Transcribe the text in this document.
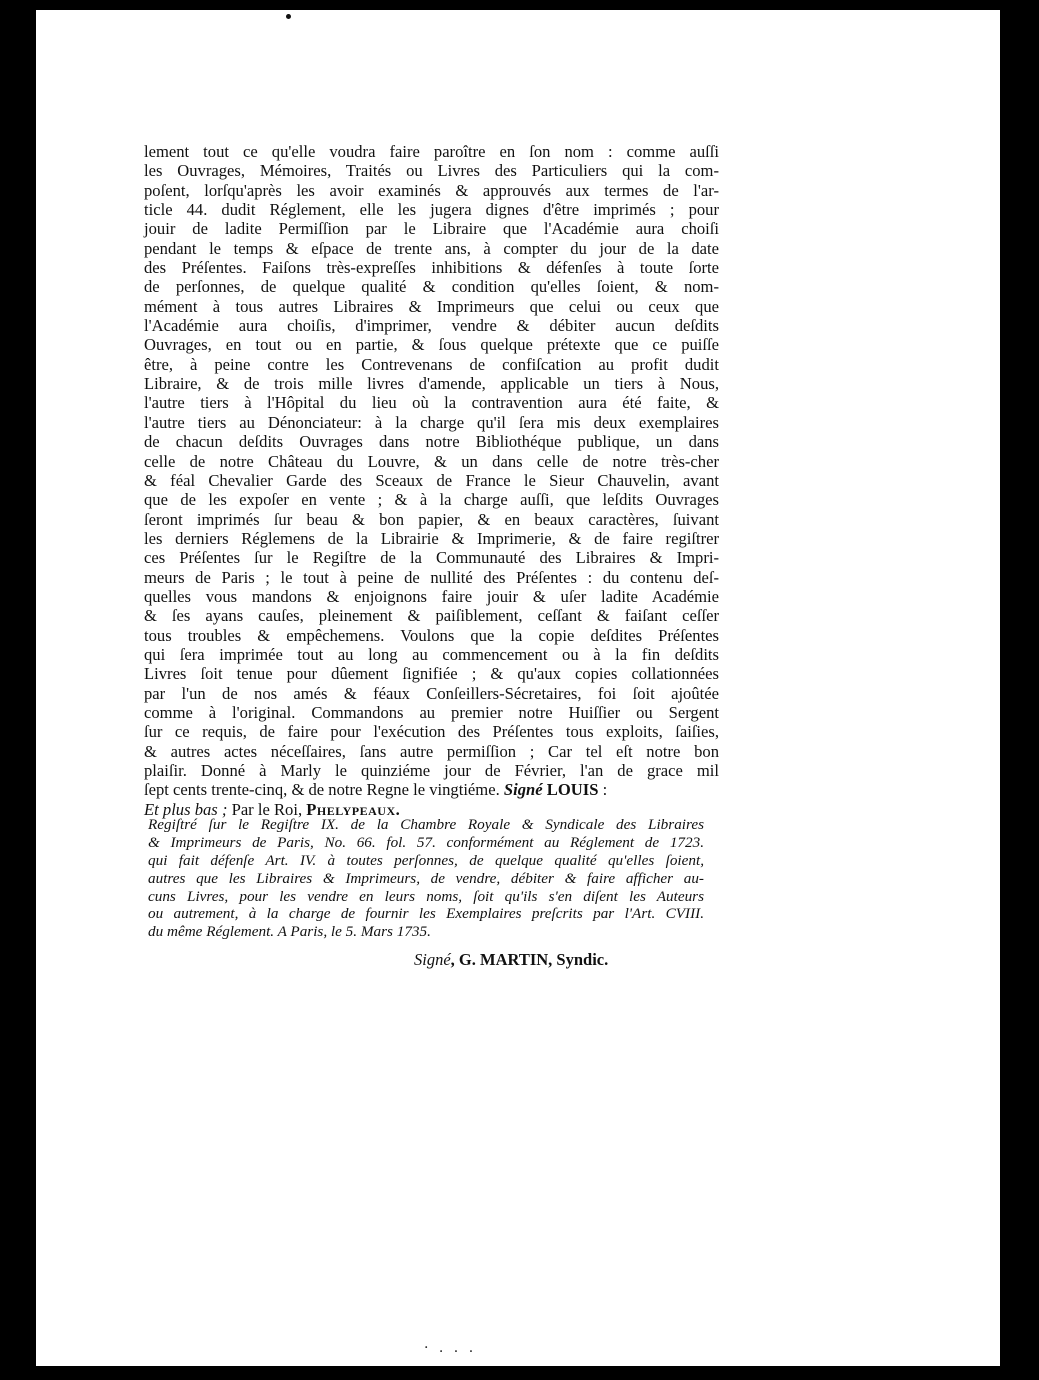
lement tout ce qu'elle voudra faire paroître en ſon nom : comme auſſi
les Ouvrages, Mémoires, Traités ou Livres des Particuliers qui la com-
poſent, lorſqu'après les avoir examinés & approuvés aux termes de l'ar-
ticle 44. dudit Réglement, elle les jugera dignes d'être imprimés ; pour
jouir de ladite Permiſſion par le Libraire que l'Académie aura choiſi
pendant le temps & eſpace de trente ans, à compter du jour de la date
des Préſentes. Faiſons très-expreſſes inhibitions & défenſes à toute ſorte
de perſonnes, de quelque qualité & condition qu'elles ſoient, & nom-
mément à tous autres Libraires & Imprimeurs que celui ou ceux que
l'Académie aura choiſis, d'imprimer, vendre & débiter aucun deſdits
Ouvrages, en tout ou en partie, & ſous quelque prétexte que ce puiſſe
être, à peine contre les Contrevenans de confiſcation au profit dudit
Libraire, & de trois mille livres d'amende, applicable un tiers à Nous,
l'autre tiers à l'Hôpital du lieu où la contravention aura été faite, &
l'autre tiers au Dénonciateur: à la charge qu'il ſera mis deux exemplaires
de chacun deſdits Ouvrages dans notre Bibliothéque publique, un dans
celle de notre Château du Louvre, & un dans celle de notre très-cher
& féal Chevalier Garde des Sceaux de France le Sieur Chauvelin, avant
que de les expoſer en vente ; & à la charge auſſi, que leſdits Ouvrages
ſeront imprimés ſur beau & bon papier, & en beaux caractères, ſuivant
les derniers Réglemens de la Librairie & Imprimerie, & de faire regiſtrer
ces Préſentes ſur le Regiſtre de la Communauté des Libraires & Impri-
meurs de Paris ; le tout à peine de nullité des Préſentes : du contenu deſ-
quelles vous mandons & enjoignons faire jouir & uſer ladite Académie
& ſes ayans cauſes, pleinement & paiſiblement, ceſſant & faiſant ceſſer
tous troubles & empêchemens. Voulons que la copie deſdites Préſentes
qui ſera imprimée tout au long au commencement ou à la fin deſdits
Livres ſoit tenue pour dûement ſignifiée ; & qu'aux copies collationnées
par l'un de nos amés & féaux Conſeillers-Sécretaires, foi ſoit ajoûtée
comme à l'original. Commandons au premier notre Huiſſier ou Sergent
ſur ce requis, de faire pour l'exécution des Préſentes tous exploits, ſaiſies,
& autres actes néceſſaires, ſans autre permiſſion ; Car tel eſt notre bon
plaiſir. Donné à Marly le quinziéme jour de Février, l'an de grace mil
ſept cents trente-cinq, & de notre Regne le vingtiéme. Signé LOUIS :
Et plus bas ; Par le Roi, Phelypeaux.
Regiſtré ſur le Regiſtre IX. de la Chambre Royale & Syndicale des Libraires
& Imprimeurs de Paris, No. 66. fol. 57. conformément au Réglement de 1723.
qui fait défenſe Art. IV. à toutes perſonnes, de quelque qualité qu'elles ſoient,
autres que les Libraires & Imprimeurs, de vendre, débiter & faire afficher au-
cuns Livres, pour les vendre en leurs noms, ſoit qu'ils s'en diſent les Auteurs
ou autrement, à la charge de fournir les Exemplaires preſcrits par l'Art. CVIII.
du même Réglement. A Paris, le 5. Mars 1735.
Signé, G. MARTIN, Syndic.
· . . .
